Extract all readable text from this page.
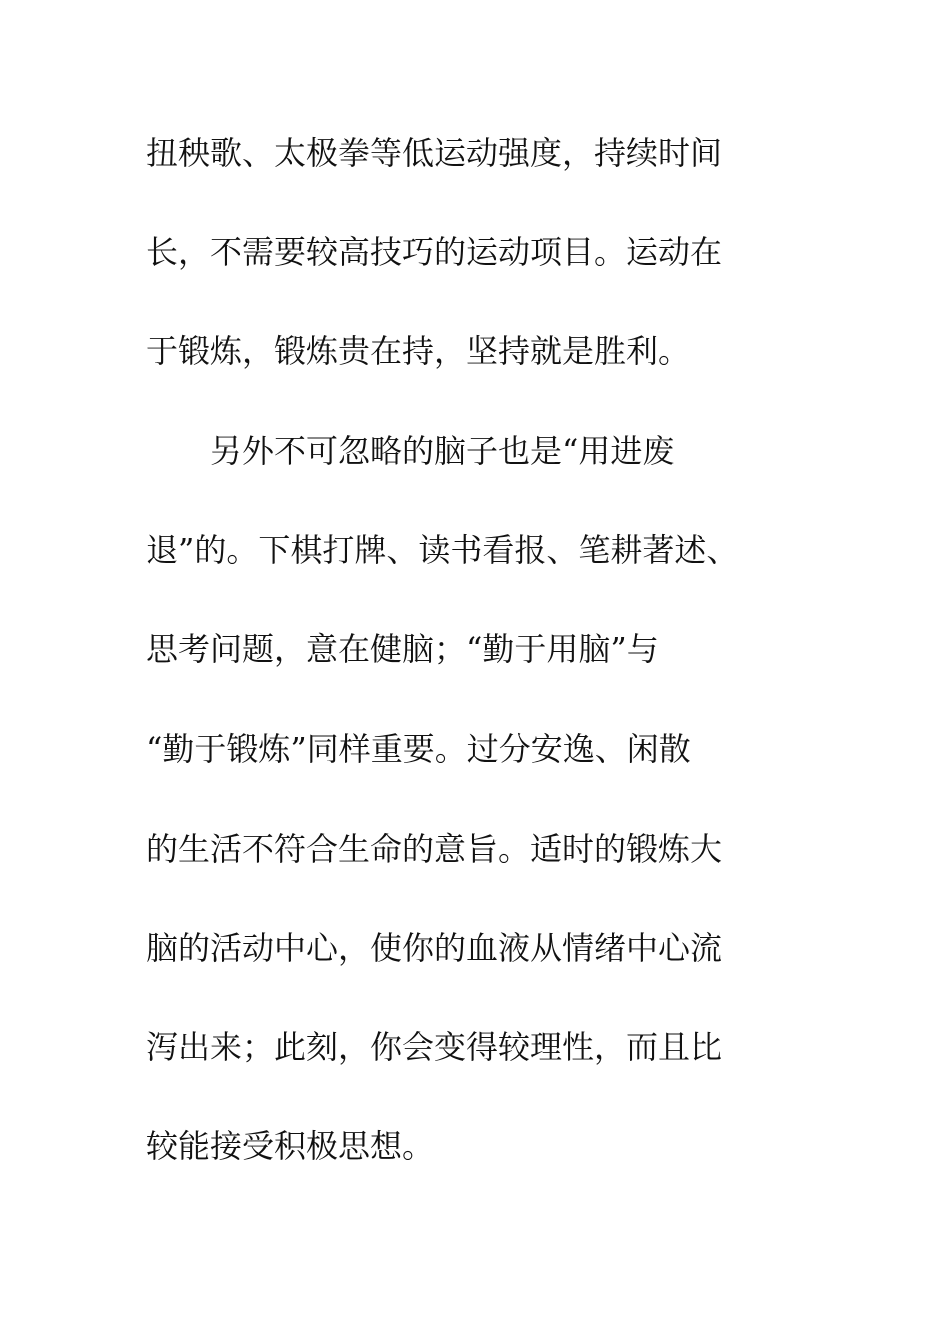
扭秧歌、太极拳等低运动强度，持续时间

长，不需要较高技巧的运动项目。运动在

于锻炼，锻炼贵在持，坚持就是胜利。

另外不可忽略的脑子也是“用进废

退”的。下棋打牌、读书看报、笔耕著述、

思考问题，意在健脑；“勤于用脑”与

“勤于锻炼”同样重要。过分安逸、闲散

的生活不符合生命的意旨。适时的锻炼大

脑的活动中心，使你的血液从情绪中心流

泻出来；此刻，你会变得较理性，而且比

较能接受积极思想。
